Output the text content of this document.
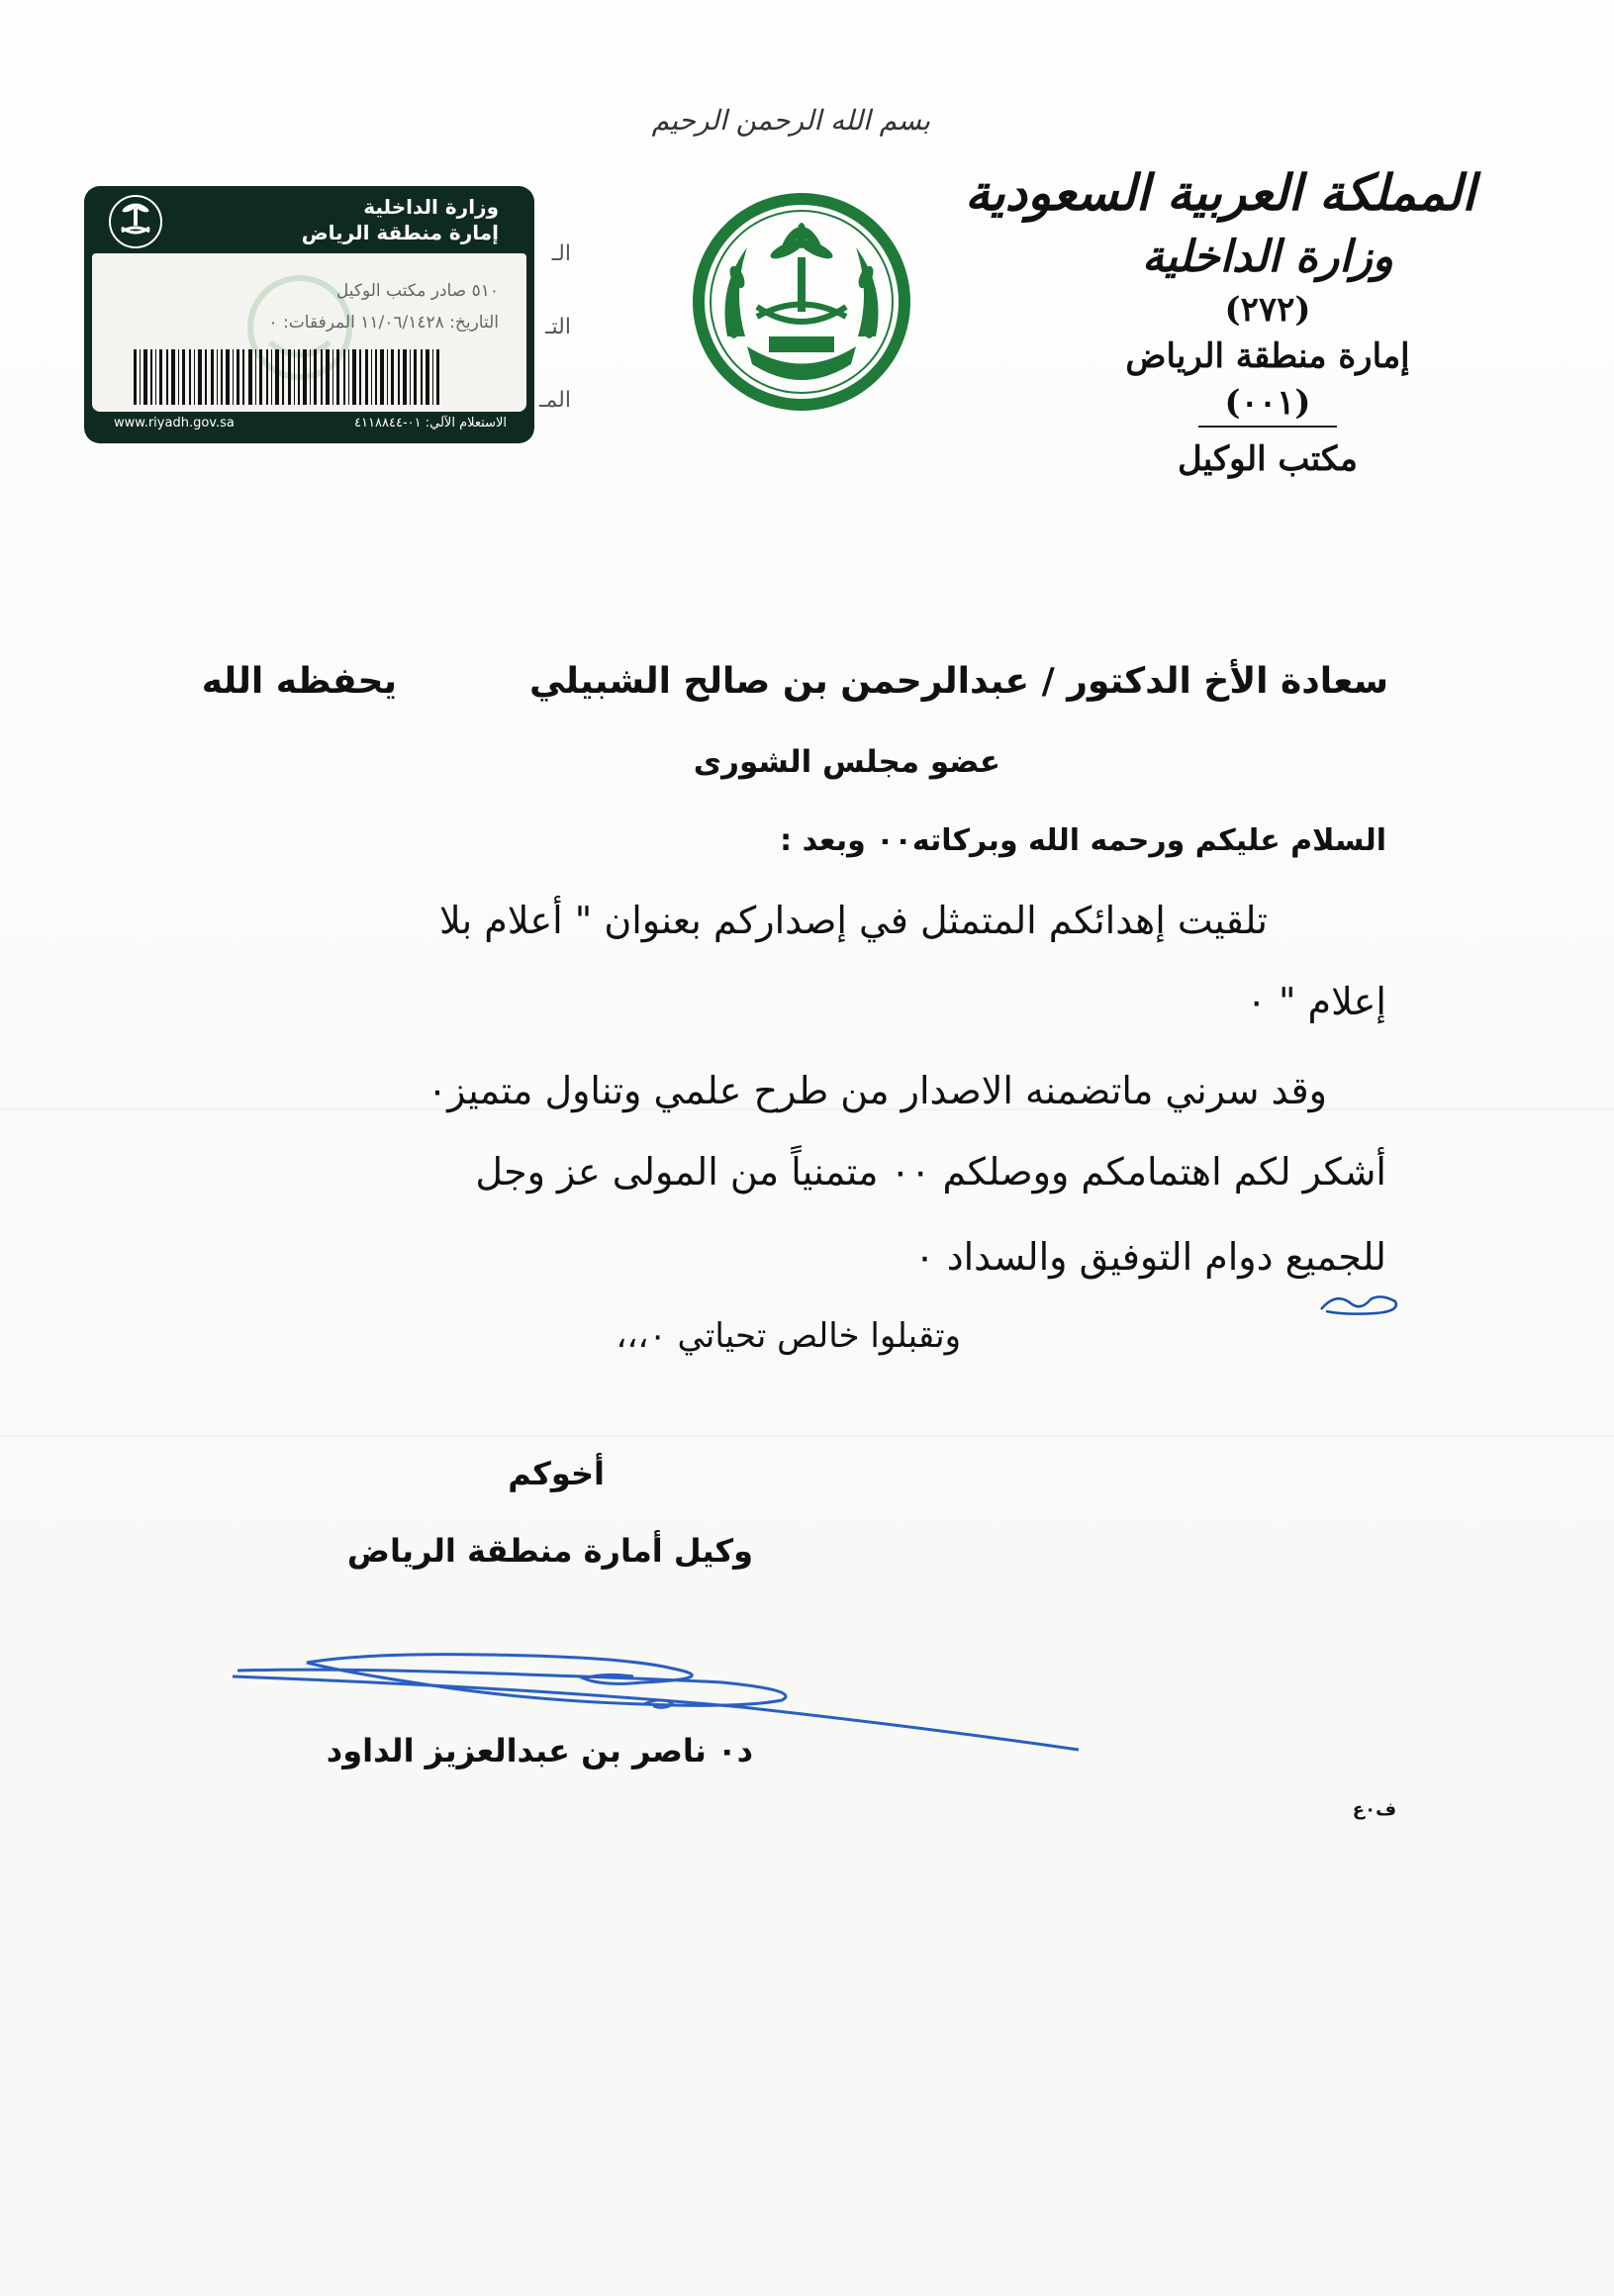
بسم الله الرحمن الرحيم
المملكة العربية السعودية
وزارة الداخلية
(٢٧٢)
إمارة منطقة الرياض
(٠٠١)
مكتب الوكيل
وزارة الداخلية
إمارة منطقة الرياض
٥١٠ صادر مكتب الوكيل
التاريخ: ١١/٠٦/١٤٢٨ المرفقات: ٠
www.riyadh.gov.sa	الاستعلام الآلي: ٠١-٤١١٨٨٤٤
الـ
التـ
المـ
سعادة الأخ الدكتور / عبدالرحمن بن صالح الشبيلي
يحفظه الله
عضو مجلس الشورى
السلام عليكم ورحمه الله وبركاته٠٠ وبعد :
تلقيت إهدائكم المتمثل في إصداركم بعنوان " أعلام بلا
إعلام " ٠
وقد سرني ماتضمنه الاصدار من طرح علمي وتناول متميز٠
أشكر لكم اهتمامكم ووصلكم ٠٠ متمنياً من المولى عز وجل
للجميع دوام التوفيق والسداد ٠
وتقبلوا خالص تحياتي ٠،،،
أخوكم
وكيل أمارة منطقة الرياض
د٠ ناصر بن عبدالعزيز الداود
ف٠ع
